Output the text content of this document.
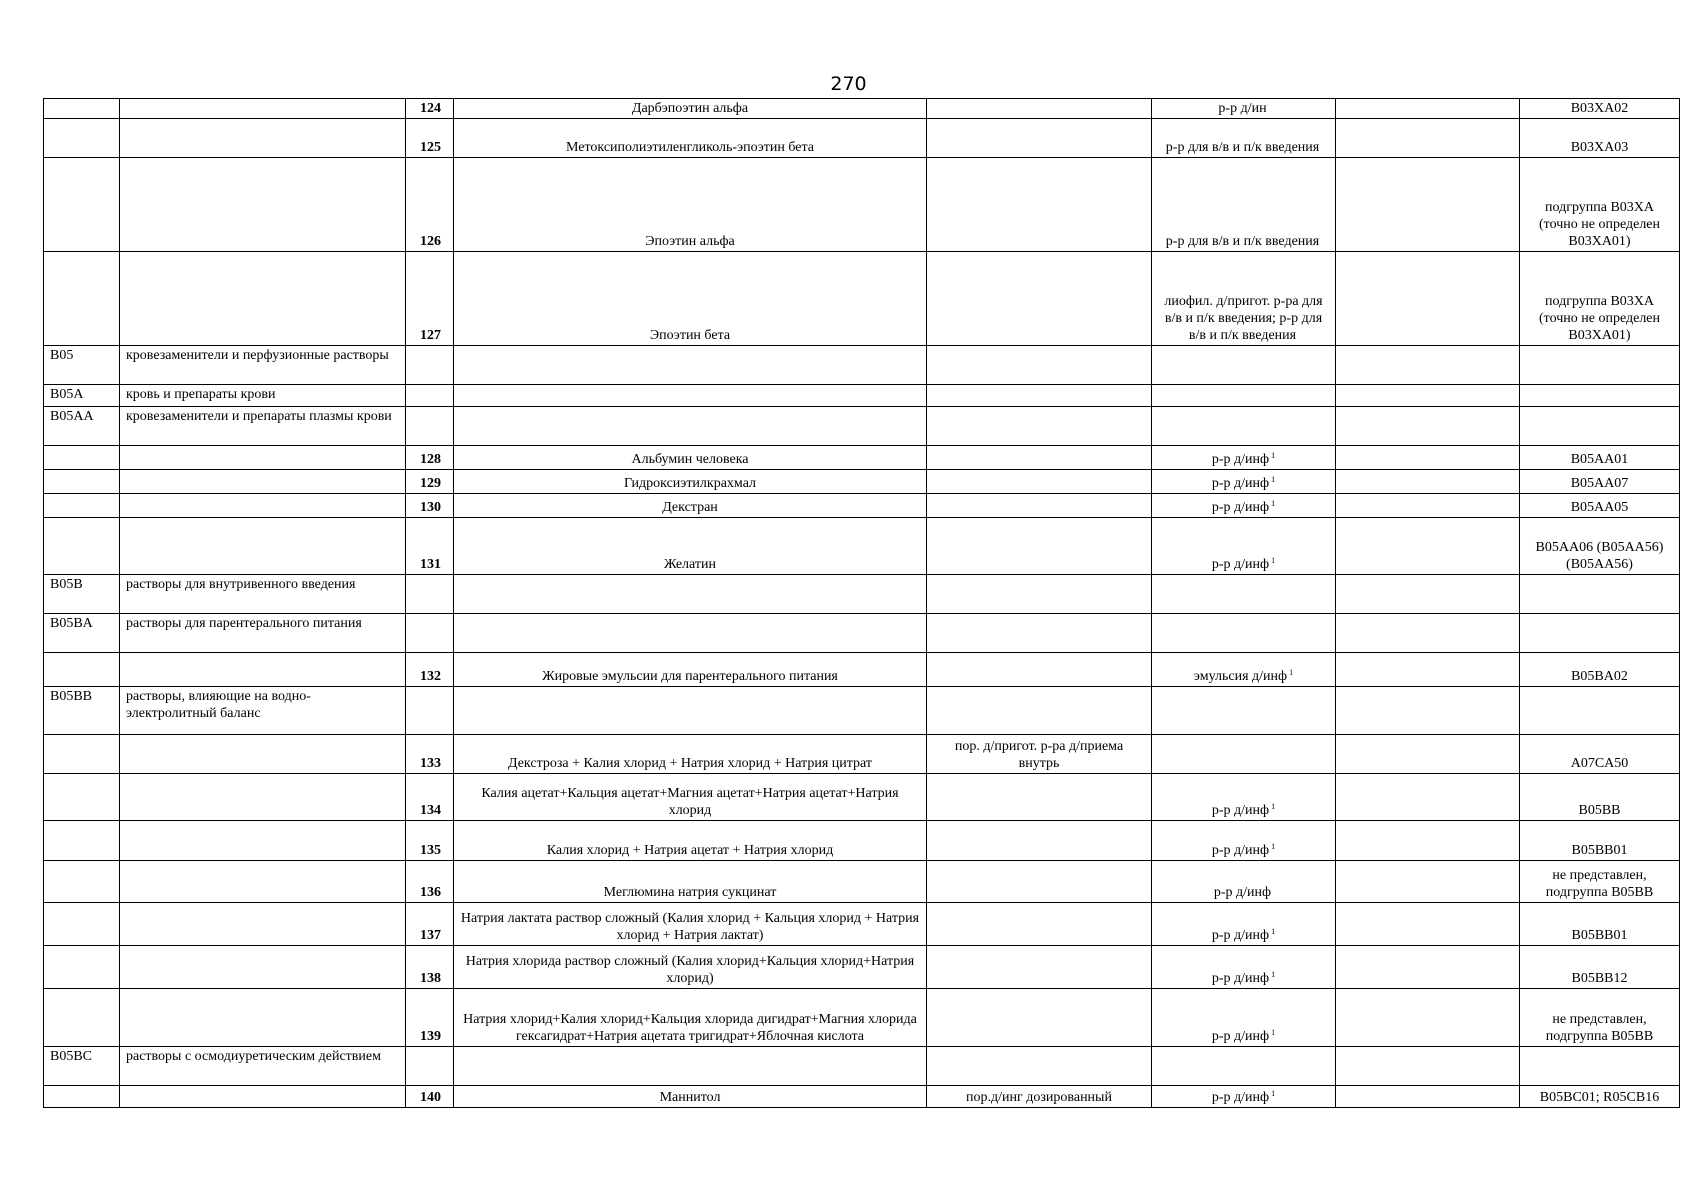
270
		124	Дарбэпоэтин альфа		р-р д/ин		B03XA02
		125	Метоксиполиэтиленгликоль-эпоэтин бета		р-р для в/в и п/к введения		B03XA03
		126	Эпоэтин альфа		р-р для в/в и п/к введения		подгруппа B03XA (точно не определен B03XA01)
		127	Эпоэтин бета		лиофил. д/пригот. р-ра для в/в и п/к введения; р-р для в/в и п/к введения		подгруппа B03XA (точно не определен B03XA01)
B05	кровезаменители и перфузионные растворы						
B05A	кровь и препараты крови						
B05AA	кровезаменители и препараты плазмы крови						
		128	Альбумин человека		р-р д/инф $^1$		B05AA01
		129	Гидроксиэтилкрахмал		р-р д/инф $^1$		B05AA07
		130	Декстран		р-р д/инф $^1$		B05AA05
		131	Желатин		р-р д/инф $^1$		B05AA06 (B05AA56) (B05AA56)
B05B	растворы для внутривенного введения						
B05BA	растворы для парентерального питания						
		132	Жировые эмульсии для парентерального питания		эмульсия д/инф $^1$		B05BA02
B05BB	растворы, влияющие на водно-электролитный баланс						
		133	Декстроза + Калия хлорид + Натрия хлорид + Натрия цитрат	пор. д/пригот. р-ра д/приема внутрь			A07CA50
		134	Калия ацетат+Кальция ацетат+Магния ацетат+Натрия ацетат+Натрия хлорид		р-р д/инф $^1$		B05BB
		135	Калия хлорид + Натрия ацетат + Натрия хлорид		р-р д/инф $^1$		B05BB01
		136	Меглюмина натрия сукцинат		р-р д/инф		не представлен, подгруппа B05BB
		137	Натрия лактата раствор сложный (Калия хлорид + Кальция хлорид + Натрия хлорид + Натрия лактат)		р-р д/инф $^1$		B05BB01
		138	Натрия хлорида раствор сложный (Калия хлорид+Кальция хлорид+Натрия хлорид)		р-р д/инф $^1$		B05BB12
		139	Натрия хлорид+Калия хлорид+Кальция хлорида дигидрат+Магния хлорида гексагидрат+Натрия ацетата тригидрат+Яблочная кислота		р-р д/инф $^1$		не представлен, подгруппа B05BB
B05BC	растворы с осмодиуретическим действием						
		140	Маннитол	пор.д/инг дозированный	р-р д/инф $^1$		B05BC01; R05CB16
